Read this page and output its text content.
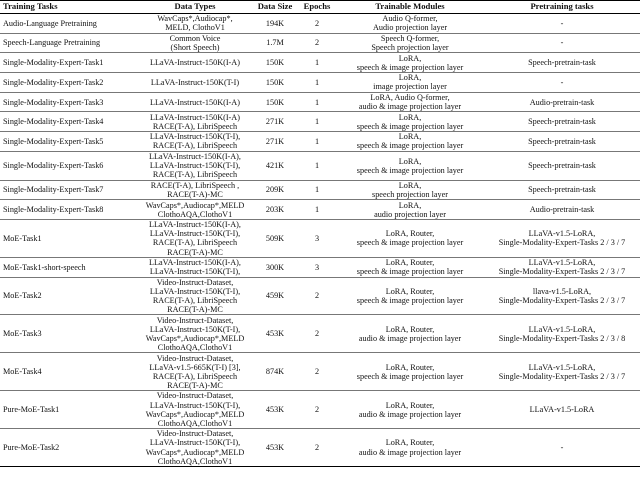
Training Tasks	Data Types	Data Size	Epochs	Trainable Modules	Pretraining tasks
Audio-Language Pretraining	WavCaps*,Audiocap*,
MELD, ClothoV1	194K	2	Audio Q-former,
Audio projection layer	-

Speech-Language Pretraining	Common Voice
(Short Speech)	1.7M	2	Speech Q-former,
Speech projection layer	-

Single-Modality-Expert-Task1	LLaVA-Instruct-150K(I-A)	150K	1	LoRA,
speech & image projection layer	Speech-pretrain-task

Single-Modality-Expert-Task2	LLaVA-Instruct-150K(T-I)	150K	1	LoRA,
image projection layer	-

Single-Modality-Expert-Task3	LLaVA-Instruct-150K(I-A)	150K	1	LoRA, Audio Q-former,
audio & image projection layer	Audio-pretrain-task

Single-Modality-Expert-Task4	LLaVA-Instruct-150K(I-A)
RACE(T-A), LibriSpeech	271K	1	LoRA,
speech & image projection layer	Speech-pretrain-task

Single-Modality-Expert-Task5	LLaVA-Instruct-150K(T-I),
RACE(T-A), LibriSpeech	271K	1	LoRA,
speech & image projection layer	Speech-pretrain-task

Single-Modality-Expert-Task6	LLaVA-Instruct-150K(I-A),
LLaVA-Instruct-150K(T-I),
RACE(T-A), LibriSpeech	421K	1	LoRA,
speech & image projection layer	Speech-pretrain-task

Single-Modality-Expert-Task7	RACE(T-A), LibriSpeech ,
RACE(T-A)-MC	209K	1	LoRA,
speech projection layer	Speech-pretrain-task

Single-Modality-Expert-Task8	WavCaps*,Audiocap*,MELD
ClothoAQA,ClothoV1	203K	1	LoRA,
audio projection layer	Audio-pretrain-task

MoE-Task1	LLaVA-Instruct-150K(I-A),
LLaVA-Instruct-150K(T-I),
RACE(T-A), LibriSpeech
RACE(T-A)-MC	509K	3	LoRA, Router,
speech & image projection layer	LLaVA-v1.5-LoRA,
Single-Modality-Expert-Tasks 2 / 3 / 7

MoE-Task1-short-speech	LLaVA-Instruct-150K(I-A),
LLaVA-Instruct-150K(T-I),	300K	3	LoRA, Router,
speech & image projection layer	LLaVA-v1.5-LoRA,
Single-Modality-Expert-Tasks 2 / 3 / 7

MoE-Task2	Video-Instruct-Dataset,
LLaVA-Instruct-150K(T-I),
RACE(T-A), LibriSpeech
RACE(T-A)-MC	459K	2	LoRA, Router,
speech & image projection layer	llava-v1.5-LoRA,
Single-Modality-Expert-Tasks 2 / 3 / 7

MoE-Task3	Video-Instruct-Dataset,
LLaVA-Instruct-150K(T-I),
WavCaps*,Audiocap*,MELD
ClothoAQA,ClothoV1	453K	2	LoRA, Router,
audio & image projection layer	LLaVA-v1.5-LoRA,
Single-Modality-Expert-Tasks 2 / 3 / 8

MoE-Task4	Video-Instruct-Dataset,
LLaVA-v1.5-665K(T-I) [3],
RACE(T-A), LibriSpeech
RACE(T-A)-MC	874K	2	LoRA, Router,
speech & image projection layer	LLaVA-v1.5-LoRA,
Single-Modality-Expert-Tasks 2 / 3 / 7

Pure-MoE-Task1	Video-Instruct-Dataset,
LLaVA-Instruct-150K(T-I),
WavCaps*,Audiocap*,MELD
ClothoAQA,ClothoV1	453K	2	LoRA, Router,
audio & image projection layer	LLaVA-v1.5-LoRA

Pure-MoE-Task2	Video-Instruct-Dataset,
LLaVA-Instruct-150K(T-I),
WavCaps*,Audiocap*,MELD
ClothoAQA,ClothoV1	453K	2	LoRA, Router,
audio & image projection layer	-
